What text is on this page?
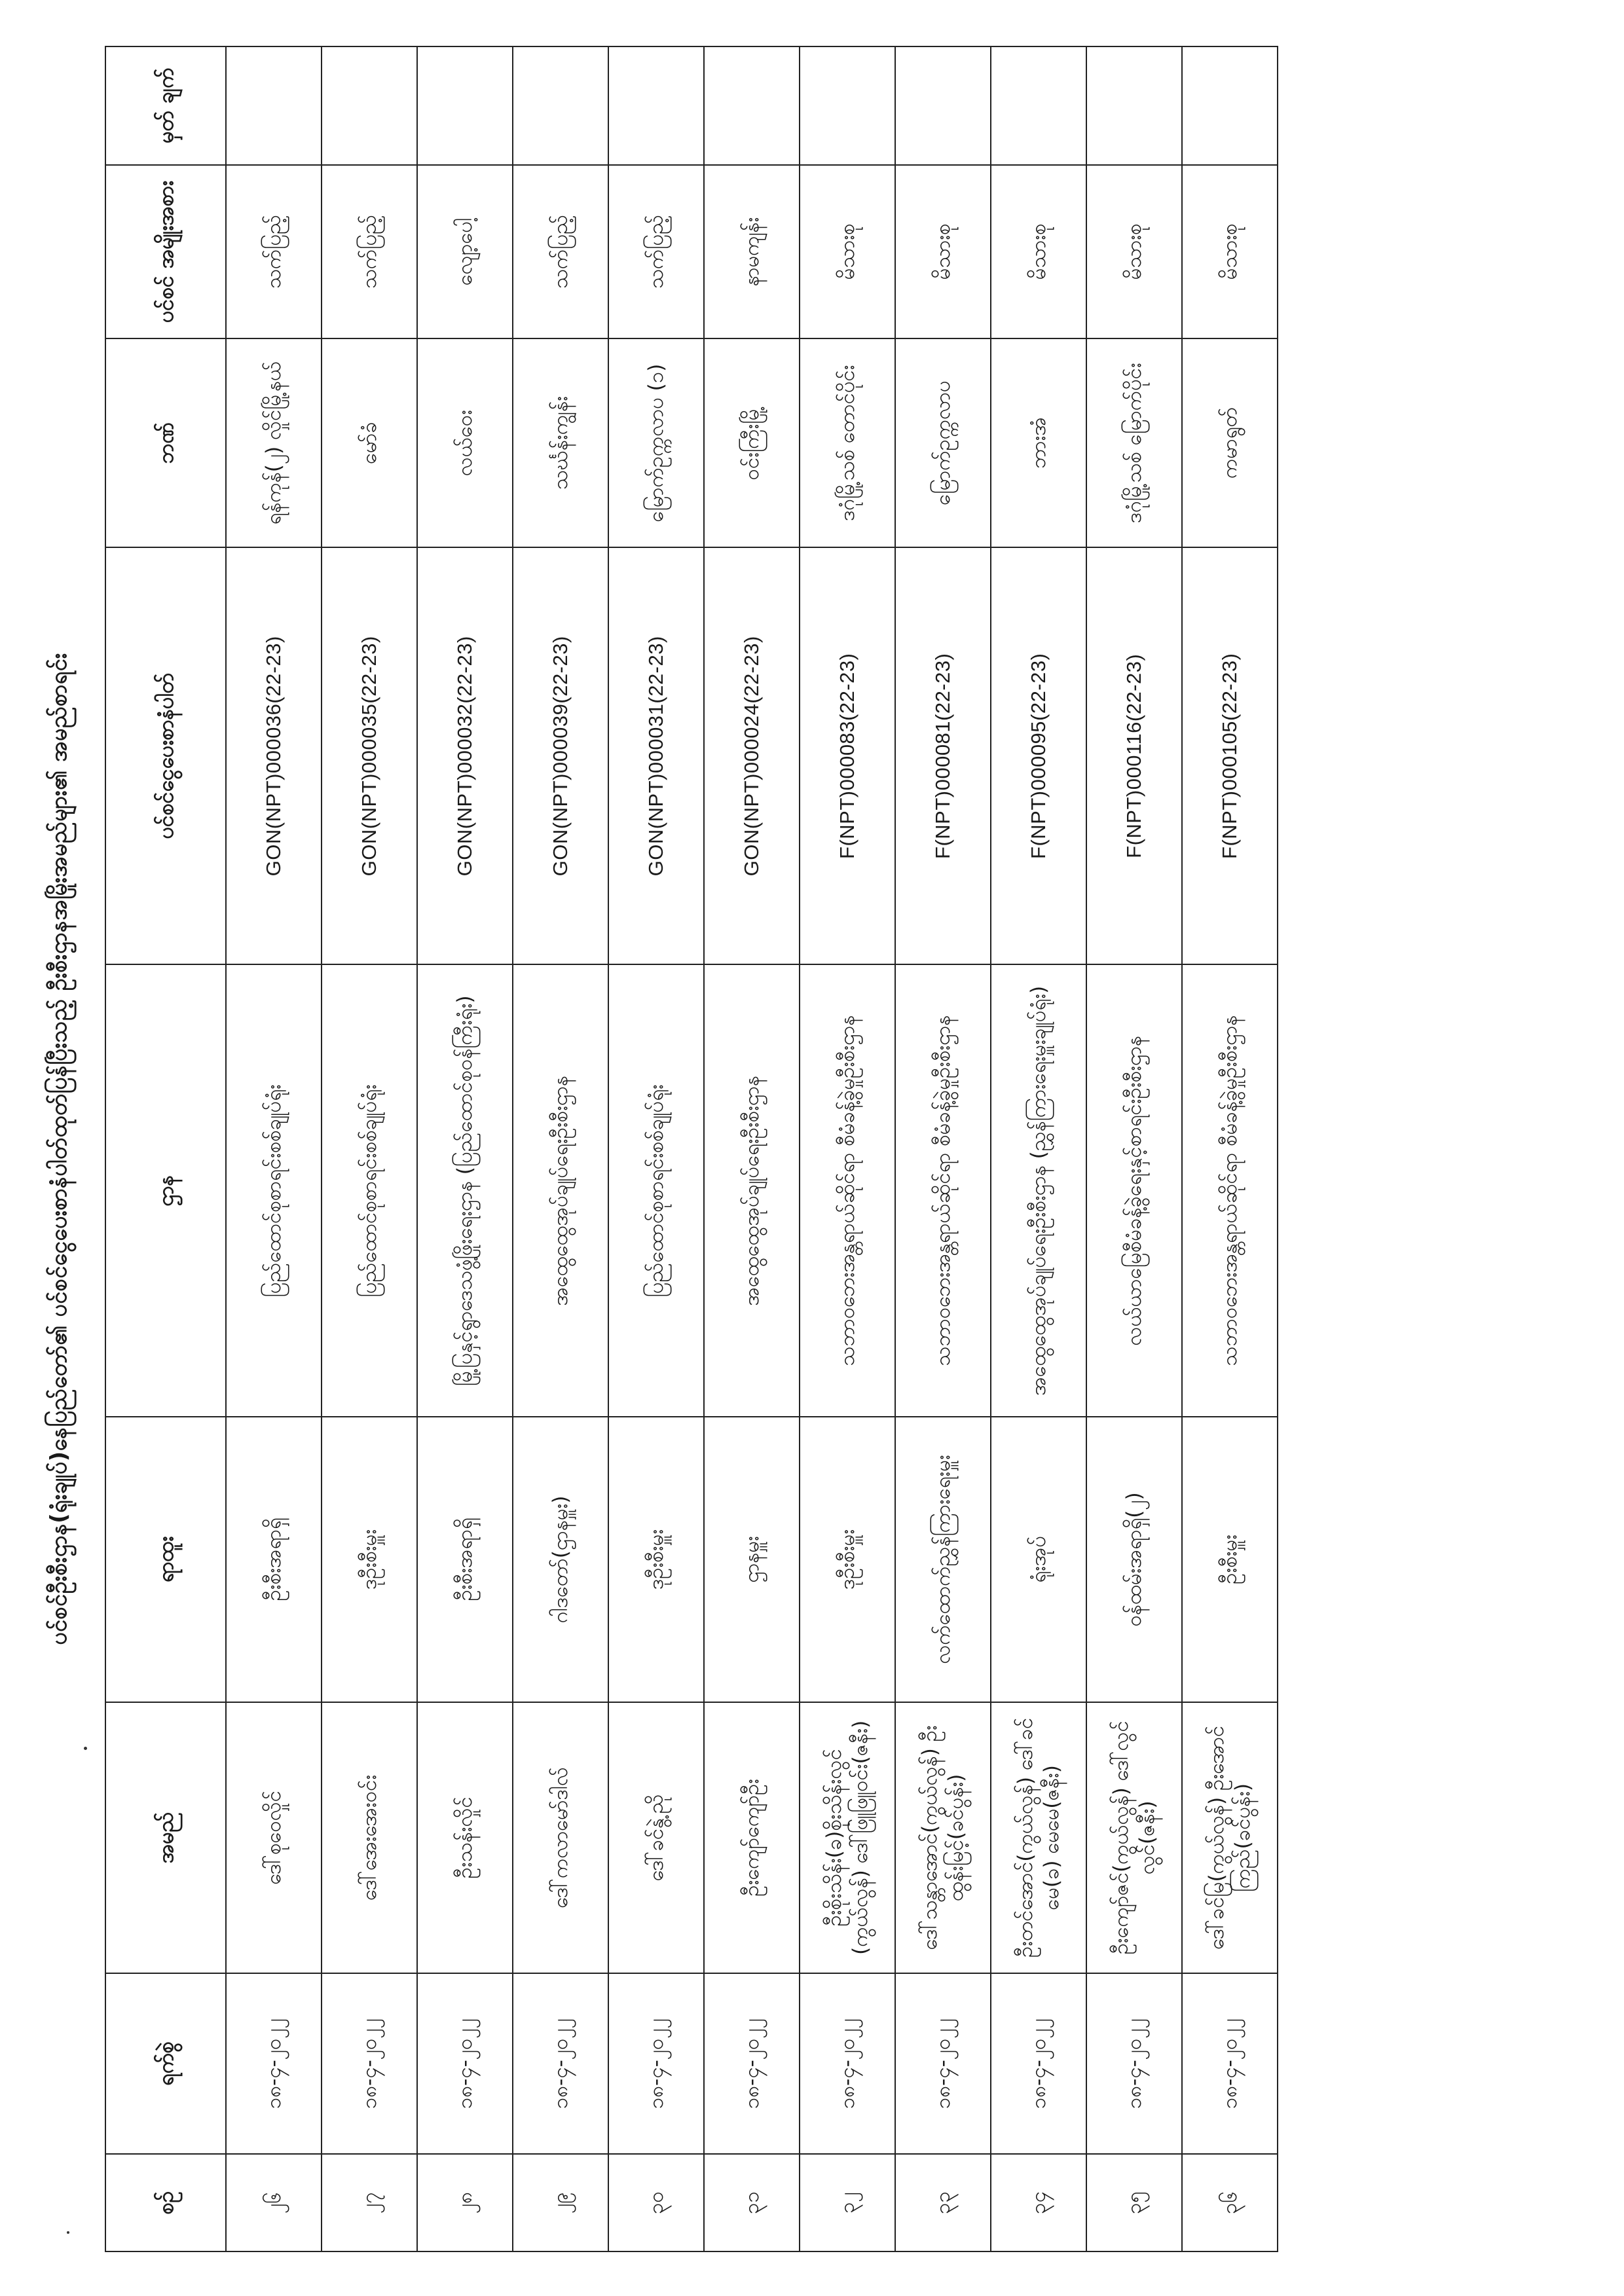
ပင်စင်ဦးစီးဌာန(ရုံးချုပ်)နေပြည်တော်၏ ပင်စင်ငွေပေးစာနံပါတ်ထုတ်ပြန်ပြီးသည့် ဦးစီးဌာနအမြိုးအမည်များ၏ အမည်စာရင်း
စဉ်	ရက်စွဲ	အမည်	ရာထူး	ဌာန	ပင်စင်ငွေပေးစာနံပါတ်	ဘဏ်	ပင်စင် အမျိုးအစား	မှတ် ချက်
၂၆	၁၈-၄-၂၀၂၂	ဒေါ်စုဝေလှိုင်	ဦးစီးအရာရှိ	ပြည်ထောင်စုစာရင်းစစ်ချုပ်ရုံး	GON(NPT)000036(22-23)	ရန်ကုန်(၂) လှိုင်မြို့နယ်	သက်ပြည့်	
၂၇	၁၈-၄-၂၀၂၂	ဒေါ်အေးအေးဝင်း	ဒုဦးစီးမှူး	ပြည်ထောင်စုစာရင်းစစ်ချုပ်ရုံး	GON(NPT)000035(22-23)	မော်ခံ	သက်ပြည့်	
၂၈	၁၈-၄-၂၀၂၂	ဦးသန်းလှိုင်	ဦးစီးအရာရှိ	မြို့ပြနှင့်ရွာဒေသဖွံ့ဖြိုးရေးဌာန (ပြည်ထောင်စုဝန်ကြီးရုံး)	GON(NPT)000032(22-23)	လယ်ဝေး	လျော့ပေါ့	
၂၉	၁၈-၄-၂၀၂၂	ဒေါ်ကလာမော်ဒါလ်	ဂါဒတော်(ဌာနမှူး)	အထွေထွေအုပ်ချုပ်ရေးဦးစီးဌာန	GON(NPT)000039(22-23)	သင်္ဃန်းကျွန်း	သက်ပြည့်	
၃၀	၁၈-၄-၂၀၂၂	ဒေါ်ခင်နွဲ့ညို	ဒုဦးစီးမှူး	ပြည်ထောင်စုစာရင်းစစ်ချုပ်ရုံး	GON(NPT)000031(22-23)	မြောက်ဥက္ကလာပ (၁)	သက်ပြည့်	
၃၁	၁၈-၄-၂၀၂၂	ဦးကျော်ကျော်ဦး	ဌာနမှူး	အထွေထွေအုပ်ချုပ်ရေးဦးစီးဌာန	GON(NPT)000024(22-23)	ဝင်းကြီးမြို့	နာမကျန်း	
၃၂	၁၈-၄-၂၀၂၂	ဦးစိုးသိန်း(ခ)စိုးသိန်းလွင် (ကွယ်လွန်) ဒေါ်ဖြူဖြူဝင်း(ဇနီး)	ဒုဦးစီးမှူး	သဘာဝဘေးအန္တရာယ်ဆိုင်ရာ စီမံခန့်ခွဲမှုဦးစီးဌာန	F(NPT)000083(22-23)	ဒဂုံမြို့သစ် တောင်ပိုင်း	မိသားစု	
၃၃	၁၈-၄-၂၀၂၂	ဒေါ်သန္တာအောင်(ကွယ်လွန်) ဦးထွန်းမြင့်(ခင်ပွန်း)	လက်ထောက်ညွှန်ကြားရေးမှူး	သဘာဝဘေးအန္တရာယ်ဆိုင်ရာ စီမံခန့်ခွဲမှုဦးစီးဌာန	F(NPT)000081(22-23)	မြောက်ဥက္ကလာပ	မိသားစု	
၃၄	၁၈-၄-၂၀၂၂	ဦးတင်အောင်(ကွယ်လွန်) ဒေါ်ခင်မေ(ခ) မေမေ(ဇနီး)	ရုံးအုပ်	အထွေထွေအုပ်ချုပ်ရေးဦးစီးဌာန (ညွှန်ကြားရေးမှူးချုပ်ရုံး)	F(NPT)000095(22-23)	ဘားအံ	မိသားစု	
၃၅	၁၈-၄-၂၀၂၂	ဦးကျော်ဇင်(ကွယ်လွန်) ဒေါ်လွင်လွင်(ဇနီး)	ဝန်ထမ်းအရာရှိ(၂)	လယ်ယာမြေစီမံခန့်ခွဲရေးနှင့်စာရင်းဦးစီးဌာန	F(NPT)000116(22-23)	ဒဂုံမြို့သစ် မြောက်ပိုင်း	မိသားစု	
၃၆	၁၈-၄-၂၀၂၂	ဒေါ်ခင်မြ(ကွယ်လွန်) ဦးအောင်ကြည်(ခင်ပွန်း)	ဦးစီးမှူး	သဘာဝဘေးအန္တရာယ်ဆိုင်ရာ စီမံခန့်ခွဲမှုဦးစီးဌာန	F(NPT)000105(22-23)	ကမာရွတ်	မိသားစု	
